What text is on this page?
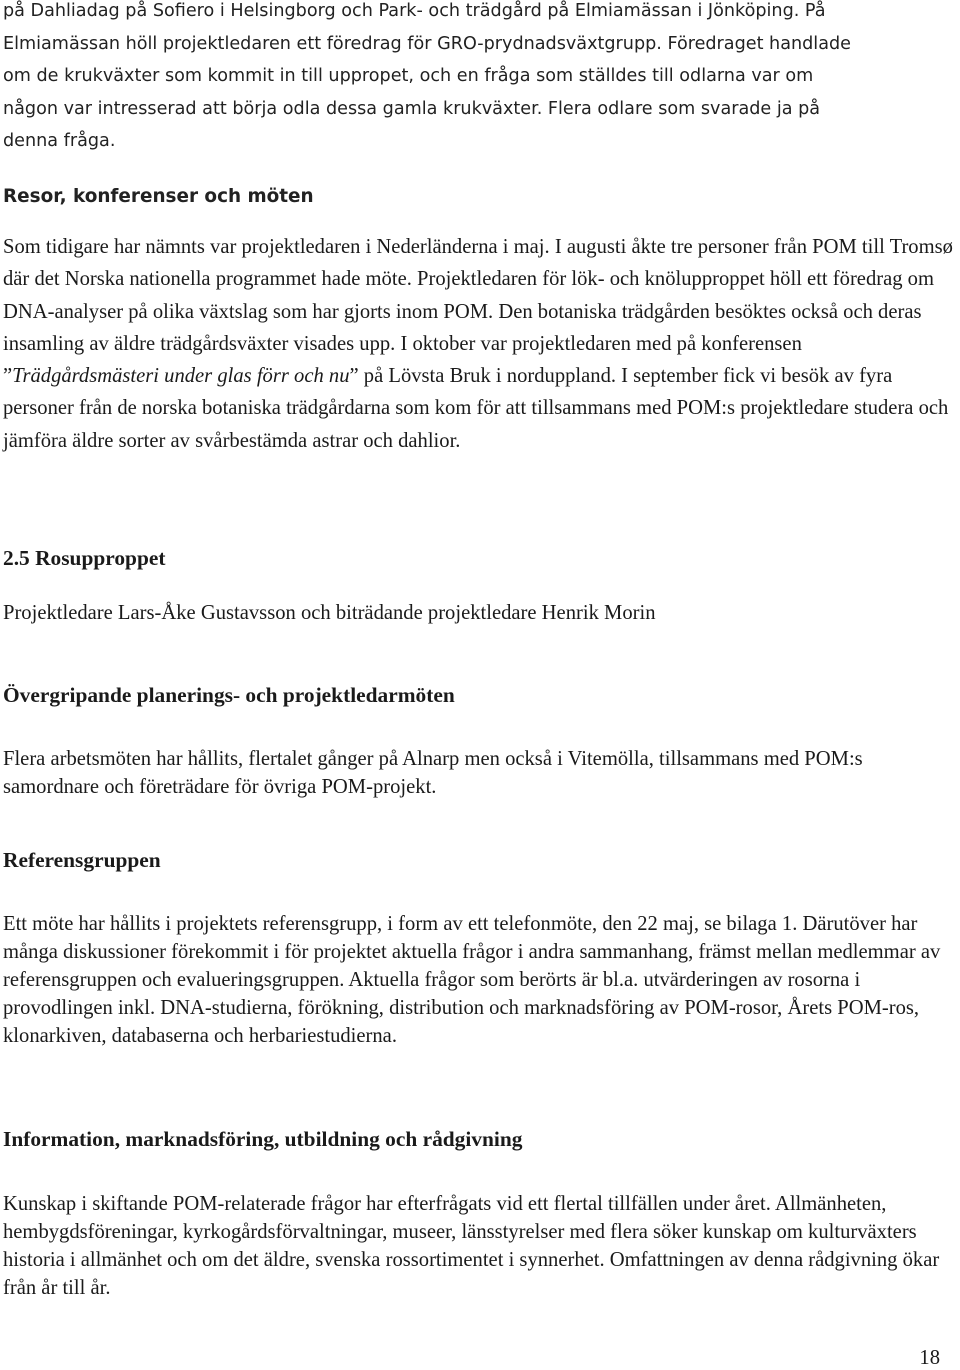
på Dahliadag på Sofiero i Helsingborg och Park- och trädgård på Elmiamässan i Jönköping. På
Elmiamässan höll projektledaren ett föredrag för GRO-prydnadsväxtgrupp. Föredraget handlade
om de krukväxter som kommit in till uppropet, och en fråga som ställdes till odlarna var om
någon var intresserad att börja odla dessa gamla krukväxter. Flera odlare som svarade ja på
denna fråga.
Resor, konferenser och möten

Som tidigare har nämnts var projektledaren i Nederländerna i maj. I augusti åkte tre personer från POM till Tromsø där det Norska nationella programmet hade möte. Projektledaren för lök- och knölupproppet höll ett föredrag om DNA-analyser på olika växtslag som har gjorts inom POM. Den botaniska trädgården besöktes också och deras insamling av äldre trädgårdsväxter visades upp. I oktober var projektledaren med på konferensen ”Trädgårdsmästeri under glas förr och nu” på Lövsta Bruk i norduppland. I september fick vi besök av fyra personer från de norska botaniska trädgårdarna som kom för att tillsammans med POM:s projektledare studera och jämföra äldre sorter av svårbestämda astrar och dahlior.

2.5 Rosupproppet

Projektledare Lars-Åke Gustavsson och biträdande projektledare Henrik Morin

Övergripande planerings- och projektledarmöten

Flera arbetsmöten har hållits, flertalet gånger på Alnarp men också i Vitemölla, tillsammans med POM:s samordnare och företrädare för övriga POM-projekt.

Referensgruppen

Ett möte har hållits i projektets referensgrupp, i form av ett telefonmöte, den 22 maj, se bilaga 1. Därutöver har många diskussioner förekommit i för projektet aktuella frågor i andra sammanhang, främst mellan medlemmar av referensgruppen och evalueringsgruppen. Aktuella frågor som berörts är bl.a. utvärderingen av rosorna i provodlingen inkl. DNA-studierna, förökning, distribution och marknadsföring av POM-rosor, Årets POM-ros, klonarkiven, databaserna och herbariestudierna.

Information, marknadsföring, utbildning och rådgivning

Kunskap i skiftande POM-relaterade frågor har efterfrågats vid ett flertal tillfällen under året. Allmänheten, hembygdsföreningar, kyrkogårdsförvaltningar, museer, länsstyrelser med flera söker kunskap om kulturväxters historia i allmänhet och om det äldre, svenska rossortimentet i synnerhet. Omfattningen av denna rådgivning ökar från år till år.

18
